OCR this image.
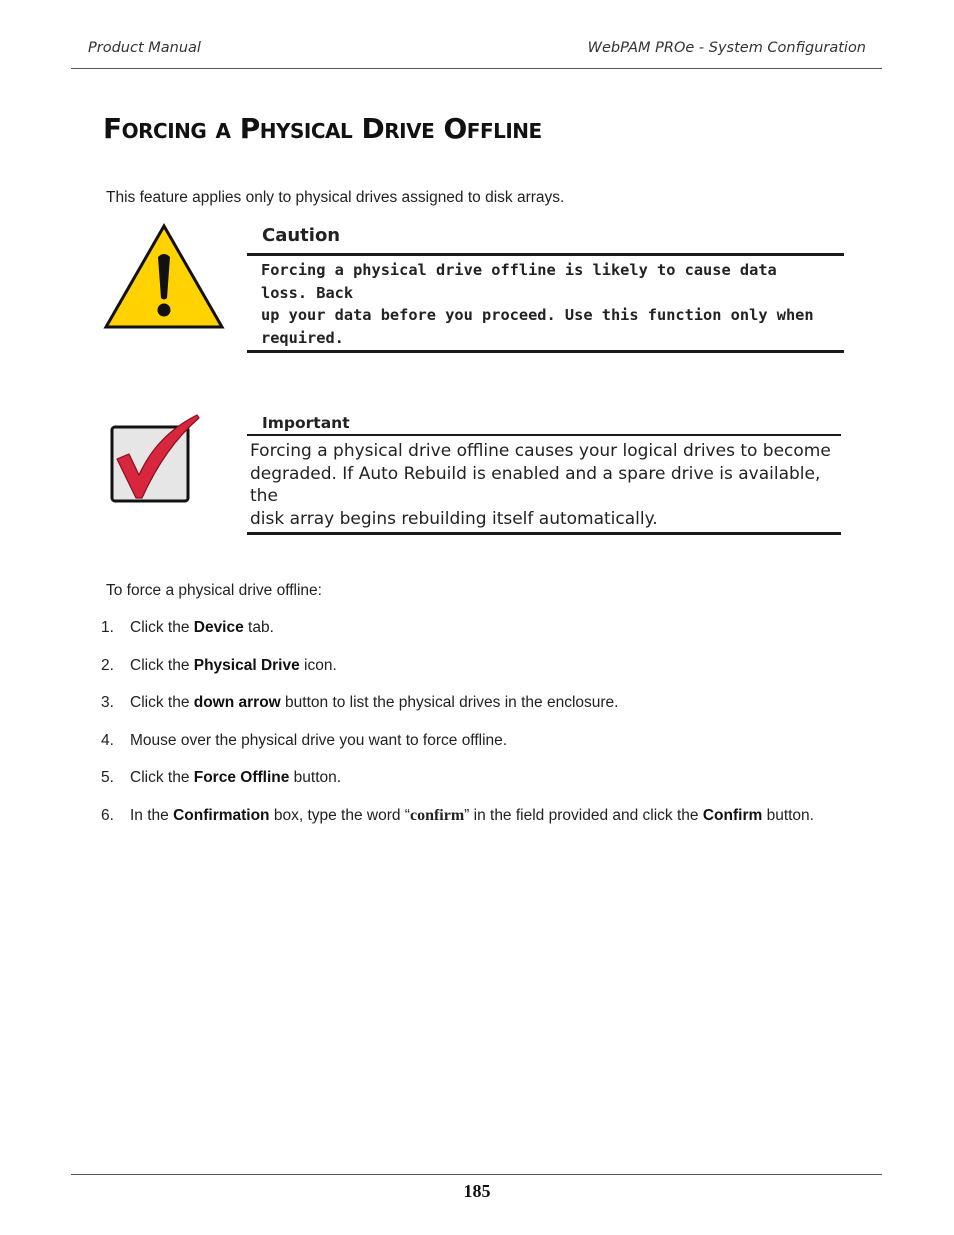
Product Manual	WebPAM PROe - System Configuration
Forcing a Physical Drive Offline
This feature applies only to physical drives assigned to disk arrays.
Caution
Forcing a physical drive offline is likely to cause data loss. Back
up your data before you proceed. Use this function only when
required.
Important
Forcing a physical drive offline causes your logical drives to become
degraded. If Auto Rebuild is enabled and a spare drive is available, the
disk array begins rebuilding itself automatically.
To force a physical drive offline:
1. Click the Device tab.
2. Click the Physical Drive icon.
3. Click the down arrow button to list the physical drives in the enclosure.
4. Mouse over the physical drive you want to force offline.
5. Click the Force Offline button.
6. In the Confirmation box, type the word “confirm” in the field provided and click the Confirm button.
185
